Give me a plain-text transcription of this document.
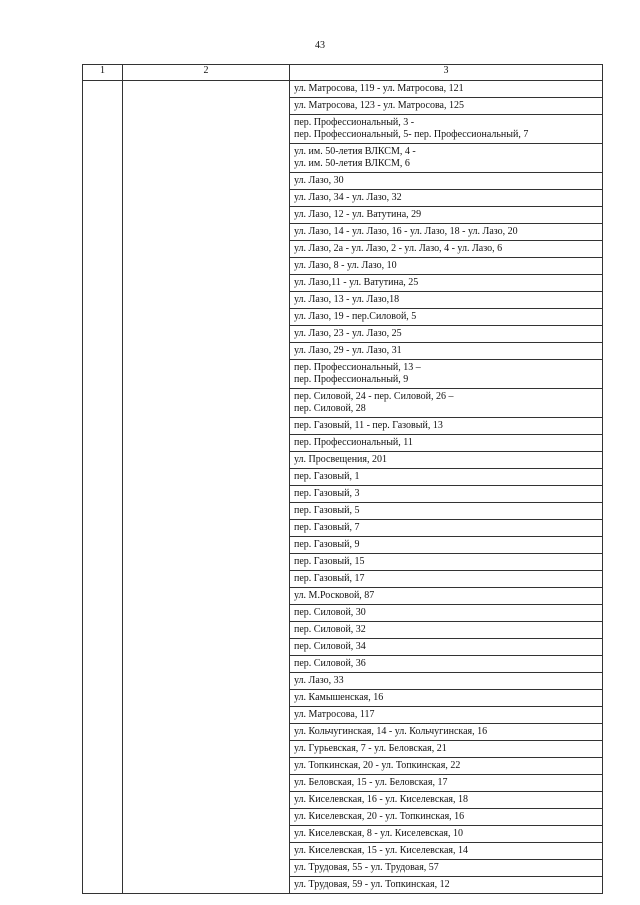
43
1	2	3
		ул. Матросова, 119 - ул. Матросова, 121
		ул. Матросова, 123 - ул. Матросова, 125
		пер. Профессиональный, 3 -
пер. Профессиональный, 5- пер. Профессиональный, 7
		ул. им. 50-летия ВЛКСМ, 4 -
ул. им. 50-летия ВЛКСМ, 6
		ул. Лазо, 30
		ул. Лазо, 34 - ул. Лазо, 32
		ул. Лазо, 12 - ул. Ватутина, 29
		ул. Лазо, 14 - ул. Лазо, 16 - ул. Лазо, 18 - ул. Лазо, 20
		ул. Лазо, 2а - ул. Лазо, 2 - ул. Лазо, 4 - ул. Лазо, 6
		ул. Лазо, 8 - ул. Лазо, 10
		ул. Лазо,11 - ул. Ватутина, 25
		ул. Лазо, 13 - ул. Лазо,18
		ул. Лазо, 19 - пер.Силовой, 5
		ул. Лазо, 23 - ул. Лазо, 25
		ул. Лазо, 29 - ул. Лазо, 31
		пер. Профессиональный, 13 –
пер. Профессиональный, 9
		пер. Силовой, 24 - пер. Силовой, 26 –
пер. Силовой, 28
		пер. Газовый, 11 - пер. Газовый, 13
		пер. Профессиональный, 11
		ул. Просвещения, 201
		пер. Газовый, 1
		пер. Газовый, 3
		пер. Газовый, 5
		пер. Газовый, 7
		пер. Газовый, 9
		пер. Газовый, 15
		пер. Газовый, 17
		ул. М.Росковой, 87
		пер. Силовой, 30
		пер. Силовой, 32
		пер. Силовой, 34
		пер. Силовой, 36
		ул. Лазо, 33
		ул. Камышенская, 16
		ул. Матросова, 117
		ул. Кольчугинская, 14 - ул. Кольчугинская, 16
		ул. Гурьевская, 7 - ул. Беловская, 21
		ул. Топкинская, 20 - ул. Топкинская, 22
		ул. Беловская, 15 - ул. Беловская, 17
		ул. Киселевская, 16 - ул. Киселевская, 18
		ул. Киселевская, 20 - ул. Топкинская, 16
		ул. Киселевская, 8 - ул. Киселевская, 10
		ул. Киселевская, 15 - ул. Киселевская, 14
		ул. Трудовая, 55 - ул. Трудовая, 57
		ул. Трудовая, 59 - ул. Топкинская, 12
